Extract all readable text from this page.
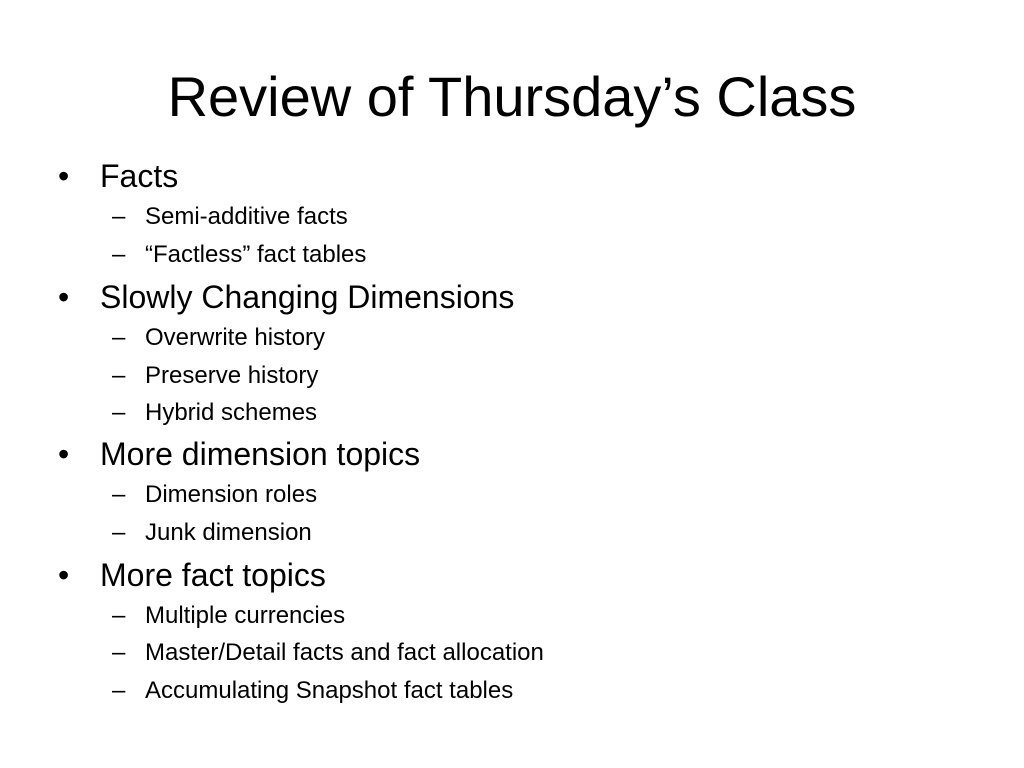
Review of Thursday’s Class
• Facts
– Semi-additive facts
– “Factless” fact tables
• Slowly Changing Dimensions
– Overwrite history
– Preserve history
– Hybrid schemes
• More dimension topics
– Dimension roles
– Junk dimension
• More fact topics
– Multiple currencies
– Master/Detail facts and fact allocation
– Accumulating Snapshot fact tables
